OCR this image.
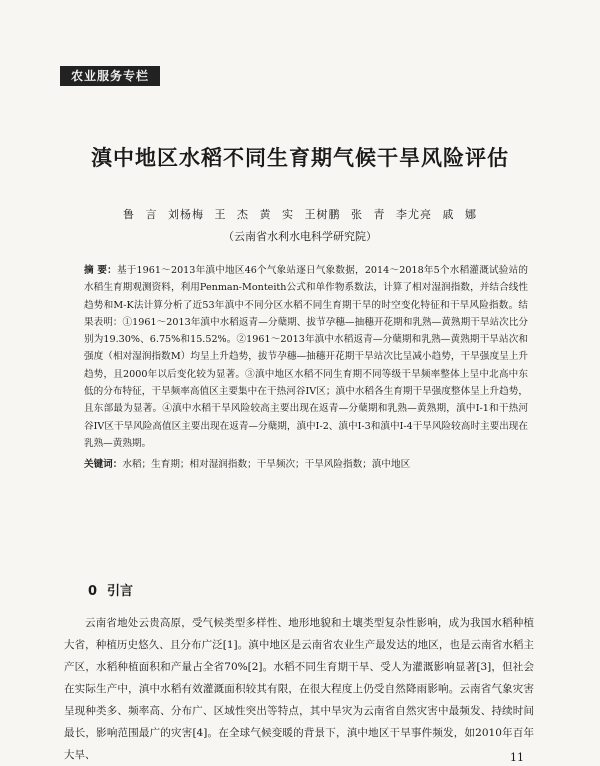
农业服务专栏
滇中地区水稻不同生育期气候干旱风险评估
鲁 言 刘杨梅 王 杰 黄 实 王树鹏 张 青 李尤亮 戚 娜
（云南省水利水电科学研究院）
摘 要：基于1961～2013年滇中地区46个气象站逐日气象数据，2014～2018年5个水稻灌溉试验站的水稻生育期观测资料，利用Penman-Monteith公式和单作物系数法，计算了相对湿润指数，并结合线性趋势和M-K法计算分析了近53年滇中不同分区水稻不同生育期干旱的时空变化特征和干旱风险指数。结果表明：①1961～2013年滇中水稻返青—分蘖期、拔节孕穗—抽穗开花期和乳熟—黄熟期干旱站次比分别为19.30%、6.75%和15.52%。②1961～2013年滇中水稻返青—分蘖期和乳熟—黄熟期干旱站次和强度（相对湿润指数M）均呈上升趋势，拔节孕穗—抽穗开花期干旱站次比呈减小趋势，干旱强度呈上升趋势，且2000年以后变化较为显著。③滇中地区水稻不同生育期不同等级干旱频率整体上呈中北高中东低的分布特征，干旱频率高值区主要集中在干热河谷IV区；滇中水稻各生育期干旱强度整体呈上升趋势，且东部最为显著。④滇中水稻干旱风险较高主要出现在返青—分蘖期和乳熟—黄熟期，滇中I-1和干热河谷IV区干旱风险高值区主要出现在返青—分蘖期，滇中I-2、滇中I-3和滇中I-4干旱风险较高时主要出现在乳熟—黄熟期。
关键词：水稻；生育期；相对湿润指数；干旱频次；干旱风险指数；滇中地区
0 引言
云南省地处云贵高原，受气候类型多样性、地形地貌和土壤类型复杂性影响，成为我国水稻种植大省，种植历史悠久、且分布广泛[1]。滇中地区是云南省农业生产最发达的地区，也是云南省水稻主产区，水稻种植面积和产量占全省70%[2]。水稻不同生育期干旱、受人为灌溉影响显著[3]，但社会在实际生产中，滇中水稻有效灌溉面积较其有限，在很大程度上仍受自然降雨影响。云南省气象灾害呈现种类多、频率高、分布广、区域性突出等特点，其中旱灾为云南省自然灾害中最频发、持续时间最长，影响范围最广的灾害[4]。在全球气候变暖的背景下，滇中地区干旱事件频发，如2010年百年大旱、	11
